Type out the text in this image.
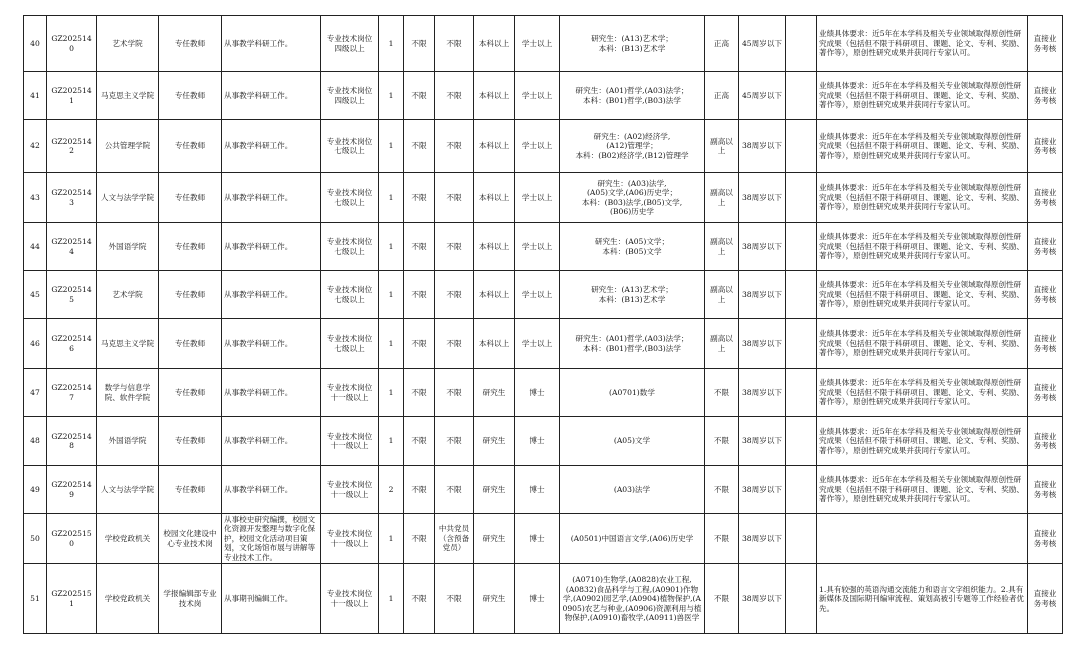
40	GZ2025140	艺术学院	专任教师	从事教学科研工作。	专业技术岗位四级以上	1	不限	不限	本科以上	学士以上	研究生：(A13)艺术学；
本科：(B13)艺术学	正高	45周岁以下		业绩具体要求：近5年在本学科及相关专业领域取得原创性研究成果（包括但不限于科研项目、课题、论文、专利、奖励、著作等），原创性研究成果并获同行专家认可。	直接业务考核
41	GZ2025141	马克思主义学院	专任教师	从事教学科研工作。	专业技术岗位四级以上	1	不限	不限	本科以上	学士以上	研究生：(A01)哲学,(A03)法学；
本科：(B01)哲学,(B03)法学	正高	45周岁以下		业绩具体要求：近5年在本学科及相关专业领域取得原创性研究成果（包括但不限于科研项目、课题、论文、专利、奖励、著作等），原创性研究成果并获同行专家认可。	直接业务考核
42	GZ2025142	公共管理学院	专任教师	从事教学科研工作。	专业技术岗位七级以上	1	不限	不限	本科以上	学士以上	研究生：(A02)经济学,
(A12)管理学；
本科：(B02)经济学,(B12)管理学	副高以上	38周岁以下		业绩具体要求：近5年在本学科及相关专业领域取得原创性研究成果（包括但不限于科研项目、课题、论文、专利、奖励、著作等），原创性研究成果并获同行专家认可。	直接业务考核
43	GZ2025143	人文与法学学院	专任教师	从事教学科研工作。	专业技术岗位七级以上	1	不限	不限	本科以上	学士以上	研究生：(A03)法学,
(A05)文学,(A06)历史学；
本科：(B03)法学,(B05)文学,
(B06)历史学	副高以上	38周岁以下		业绩具体要求：近5年在本学科及相关专业领域取得原创性研究成果（包括但不限于科研项目、课题、论文、专利、奖励、著作等），原创性研究成果并获同行专家认可。	直接业务考核
44	GZ2025144	外国语学院	专任教师	从事教学科研工作。	专业技术岗位七级以上	1	不限	不限	本科以上	学士以上	研究生：(A05)文学；
本科：(B05)文学	副高以上	38周岁以下		业绩具体要求：近5年在本学科及相关专业领域取得原创性研究成果（包括但不限于科研项目、课题、论文、专利、奖励、著作等），原创性研究成果并获同行专家认可。	直接业务考核
45	GZ2025145	艺术学院	专任教师	从事教学科研工作。	专业技术岗位七级以上	1	不限	不限	本科以上	学士以上	研究生：(A13)艺术学；
本科：(B13)艺术学	副高以上	38周岁以下		业绩具体要求：近5年在本学科及相关专业领域取得原创性研究成果（包括但不限于科研项目、课题、论文、专利、奖励、著作等），原创性研究成果并获同行专家认可。	直接业务考核
46	GZ2025146	马克思主义学院	专任教师	从事教学科研工作。	专业技术岗位七级以上	1	不限	不限	本科以上	学士以上	研究生：(A01)哲学,(A03)法学；
本科：(B01)哲学,(B03)法学	副高以上	38周岁以下		业绩具体要求：近5年在本学科及相关专业领域取得原创性研究成果（包括但不限于科研项目、课题、论文、专利、奖励、著作等），原创性研究成果并获同行专家认可。	直接业务考核
47	GZ2025147	数学与信息学院、软件学院	专任教师	从事教学科研工作。	专业技术岗位十一级以上	1	不限	不限	研究生	博士	(A0701)数学	不限	38周岁以下		业绩具体要求：近5年在本学科及相关专业领域取得原创性研究成果（包括但不限于科研项目、课题、论文、专利、奖励、著作等），原创性研究成果并获同行专家认可。	直接业务考核
48	GZ2025148	外国语学院	专任教师	从事教学科研工作。	专业技术岗位十一级以上	1	不限	不限	研究生	博士	(A05)文学	不限	38周岁以下		业绩具体要求：近5年在本学科及相关专业领域取得原创性研究成果（包括但不限于科研项目、课题、论文、专利、奖励、著作等），原创性研究成果并获同行专家认可。	直接业务考核
49	GZ2025149	人文与法学学院	专任教师	从事教学科研工作。	专业技术岗位十一级以上	2	不限	不限	研究生	博士	(A03)法学	不限	38周岁以下		业绩具体要求：近5年在本学科及相关专业领域取得原创性研究成果（包括但不限于科研项目、课题、论文、专利、奖励、著作等），原创性研究成果并获同行专家认可。	直接业务考核
50	GZ2025150	学校党政机关	校园文化建设中心专业技术岗	从事校史研究编撰，校园文化资源开发整理与数字化保护，校园文化活动项目策划，文化场馆布展与讲解等专业技术工作。	专业技术岗位十一级以上	1	不限	中共党员（含预备党员）	研究生	博士	(A0501)中国语言文学,(A06)历史学	不限	38周岁以下			直接业务考核
51	GZ2025151	学校党政机关	学报编辑部专业技术岗	从事期刊编辑工作。	专业技术岗位十一级以上	1	不限	不限	研究生	博士	(A0710)生物学,(A0828)农业工程,
(A0832)食品科学与工程,(A0901)作物学,(A0902)园艺学,(A0904)植物保护,(A0905)农艺与种业,(A0906)资源利用与植物保护,(A0910)畜牧学,(A0911)兽医学	不限	38周岁以下		1.具有较强的英语沟通交流能力和语言文字组织能力。2.具有新媒体及国际期刊编审流程、策划高被引专题等工作经验者优先。	直接业务考核
